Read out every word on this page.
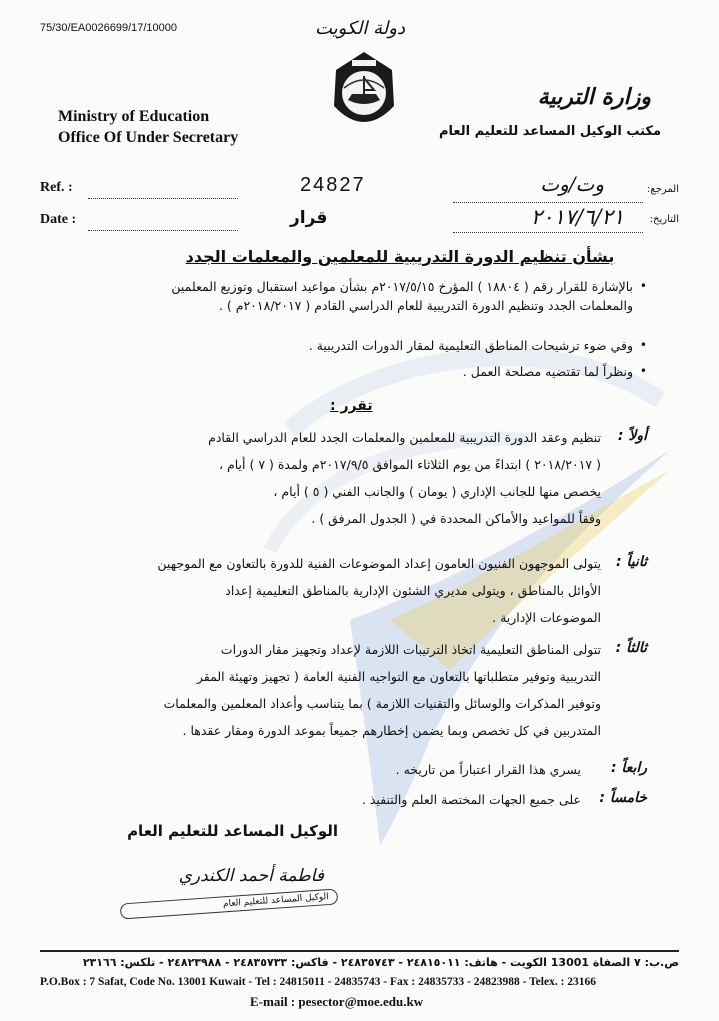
75/30/EA0026699/17/10000	دولة الكويت
Ministry of Education
Office Of Under Secretary
وزارة التربية
مكتب الوكيل المساعد للتعليم العام
Ref. :
Date :
24827
قرار
المرجع:
وت/وت
التاريخ:
٢٠١٧/٦/٢١
بشأن تنظيم الدورة التدريبية للمعلمين والمعلمات الجدد
• بالإشارة للقرار رقم ( ١٨٨٠٤ ) المؤرخ ٢٠١٧/٥/١٥م بشأن مواعيد استقبال وتوزيع المعلمين
والمعلمات الجدد وتنظيم الدورة التدريبية للعام الدراسي القادم ( ٢٠١٨/٢٠١٧م ) .
• وفي ضوء ترشيحات المناطق التعليمية لمقار الدورات التدريبية .
• ونظراً لما تقتضيه مصلحة العمل .
تقرر :
أولاً :
تنظيم وعقد الدورة التدريبية للمعلمين والمعلمات الجدد للعام الدراسي القادم
( ٢٠١٨/٢٠١٧ ) ابتداءً من يوم الثلاثاء الموافق ٢٠١٧/٩/٥م ولمدة ( ٧ ) أيام ،
يخصص منها للجانب الإداري ( يومان ) والجانب الفني ( ٥ ) أيام ،
وفقاً للمواعيد والأماكن المحددة في ( الجدول المرفق ) .
ثانياً :
يتولى الموجهون الفنيون العامون إعداد الموضوعات الفنية للدورة بالتعاون مع الموجهين
الأوائل بالمناطق ، ويتولى مديري الشئون الإدارية بالمناطق التعليمية إعداد
الموضوعات الإدارية .
ثالثاً :
تتولى المناطق التعليمية اتخاذ الترتيبات اللازمة لإعداد وتجهيز مقار الدورات
التدريبية وتوفير متطلباتها بالتعاون مع التواجيه الفنية العامة ( تجهيز وتهيئة المقر
وتوفير المذكرات والوسائل والتقنيات اللازمة ) بما يتناسب وأعداد المعلمين والمعلمات
المتدربين في كل تخصص وبما يضمن إخطارهم جميعاً بموعد الدورة ومقار عقدها .
رابعاً :
يسري هذا القرار اعتباراً من تاريخه .
خامساً :
على جميع الجهات المختصة العلم والتنفيذ .
الوكيل المساعد للتعليم العام
فاطمة أحمد الكندري
الوكيل المساعد للتعليم العام
ص.ب: ٧ الصفاة 13001 الكويت - هاتف: ٢٤٨١٥٠١١ - ٢٤٨٣٥٧٤٣ - فاكس: ٢٤٨٣٥٧٣٣ - ٢٤٨٢٣٩٨٨ - تلكس: ٢٣١٦٦
P.O.Box : 7 Safat, Code No. 13001 Kuwait - Tel : 24815011 - 24835743 - Fax : 24835733 - 24823988 - Telex. : 23166
E-mail : pesector@moe.edu.kw
